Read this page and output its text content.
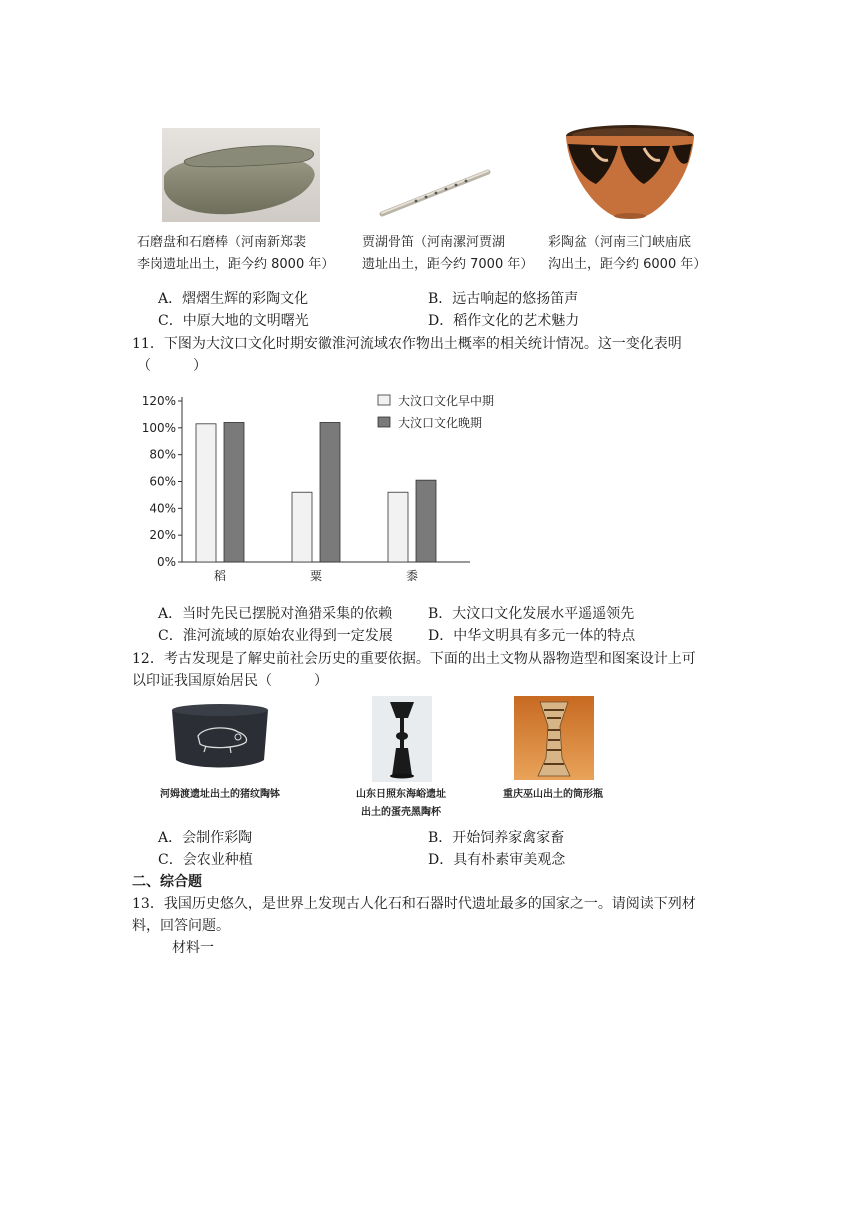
石磨盘和石磨棒（河南新郑裴
李岗遗址出土，距今约 8000 年）
贾湖骨笛（河南漯河贾湖
遗址出土，距今约 7000 年）
彩陶盆（河南三门峡庙底
沟出土，距今约 6000 年）
A．熠熠生辉的彩陶文化	B．远古响起的悠扬笛声
C．中原大地的文明曙光	D．稻作文化的艺术魅力
11．下图为大汶口文化时期安徽淮河流域农作物出土概率的相关统计情况。这一变化表明
（　　　）
大汶口文化早中期
大汶口文化晚期
0%
20%
40%
60%
80%
100%
120%
稻	粟	黍
A．当时先民已摆脱对渔猎采集的依赖	B．大汶口文化发展水平遥遥领先
C．淮河流域的原始农业得到一定发展	D．中华文明具有多元一体的特点
12．考古发现是了解史前社会历史的重要依据。下面的出土文物从器物造型和图案设计上可
以印证我国原始居民（　　　）
河姆渡遗址出土的猪纹陶钵	山东日照东海峪遗址
出土的蛋壳黑陶杯
重庆巫山出土的筒形瓶
A．会制作彩陶	B．开始饲养家禽家畜
C．会农业种植	D．具有朴素审美观念
二、综合题
13．我国历史悠久，是世界上发现古人化石和石器时代遗址最多的国家之一。请阅读下列材
料，回答问题。
材料一
